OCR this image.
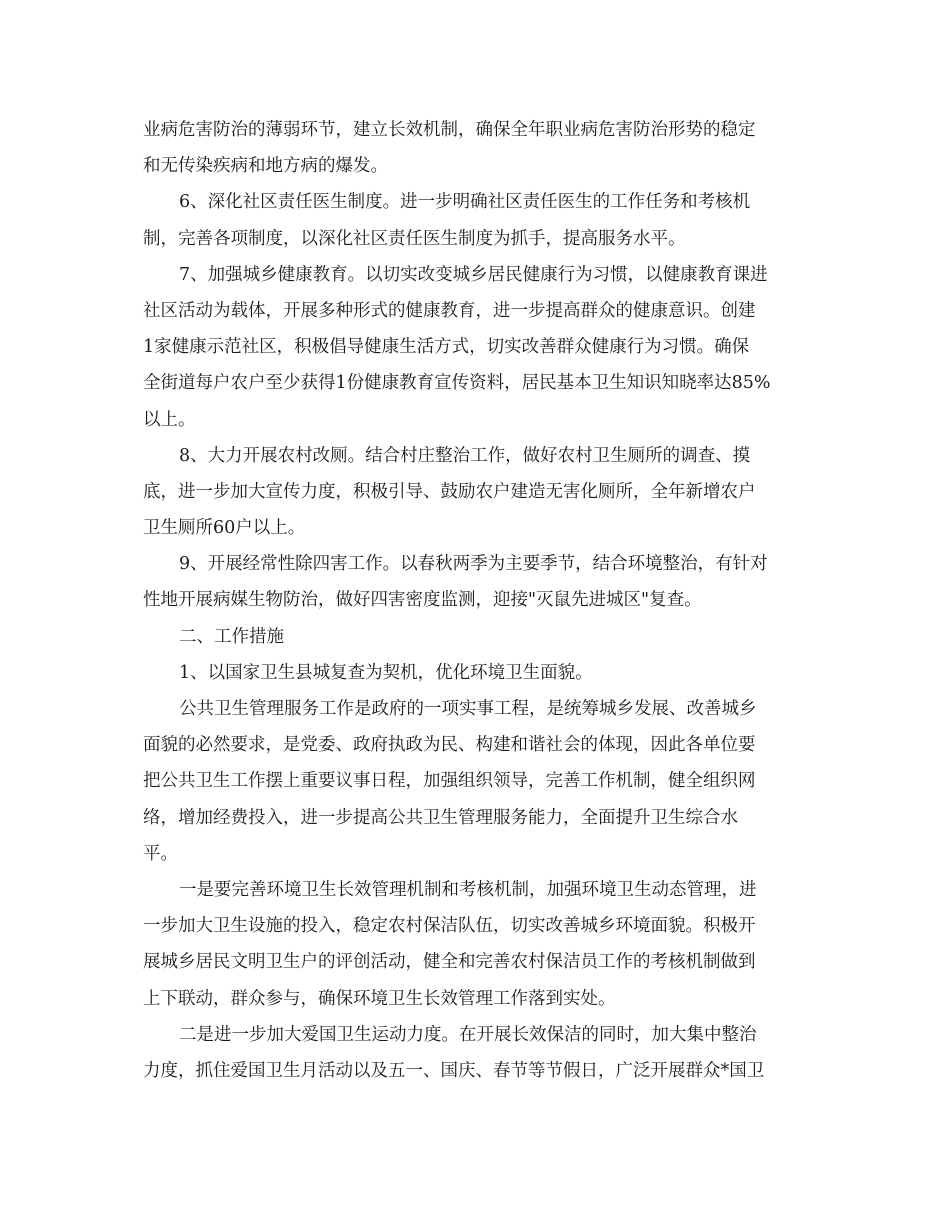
业病危害防治的薄弱环节，建立长效机制，确保全年职业病危害防治形势的稳定
和无传染疾病和地方病的爆发。
6、深化社区责任医生制度。进一步明确社区责任医生的工作任务和考核机
制，完善各项制度，以深化社区责任医生制度为抓手，提高服务水平。
7、加强城乡健康教育。以切实改变城乡居民健康行为习惯，以健康教育课进
社区活动为载体，开展多种形式的健康教育，进一步提高群众的健康意识。创建
1家健康示范社区，积极倡导健康生活方式，切实改善群众健康行为习惯。确保
全街道每户农户至少获得1份健康教育宣传资料，居民基本卫生知识知晓率达85%
以上。
8、大力开展农村改厕。结合村庄整治工作，做好农村卫生厕所的调查、摸
底，进一步加大宣传力度，积极引导、鼓励农户建造无害化厕所，全年新增农户
卫生厕所60户以上。
9、开展经常性除四害工作。以春秋两季为主要季节，结合环境整治，有针对
性地开展病媒生物防治，做好四害密度监测，迎接"灭鼠先进城区"复查。
二、工作措施
1、以国家卫生县城复查为契机，优化环境卫生面貌。
公共卫生管理服务工作是政府的一项实事工程，是统筹城乡发展、改善城乡
面貌的必然要求，是党委、政府执政为民、构建和谐社会的体现，因此各单位要
把公共卫生工作摆上重要议事日程，加强组织领导，完善工作机制，健全组织网
络，增加经费投入，进一步提高公共卫生管理服务能力，全面提升卫生综合水
平。
一是要完善环境卫生长效管理机制和考核机制，加强环境卫生动态管理，进
一步加大卫生设施的投入，稳定农村保洁队伍，切实改善城乡环境面貌。积极开
展城乡居民文明卫生户的评创活动，健全和完善农村保洁员工作的考核机制做到
上下联动，群众参与，确保环境卫生长效管理工作落到实处。
二是进一步加大爱国卫生运动力度。在开展长效保洁的同时，加大集中整治
力度，抓住爱国卫生月活动以及五一、国庆、春节等节假日，广泛开展群众*国卫
